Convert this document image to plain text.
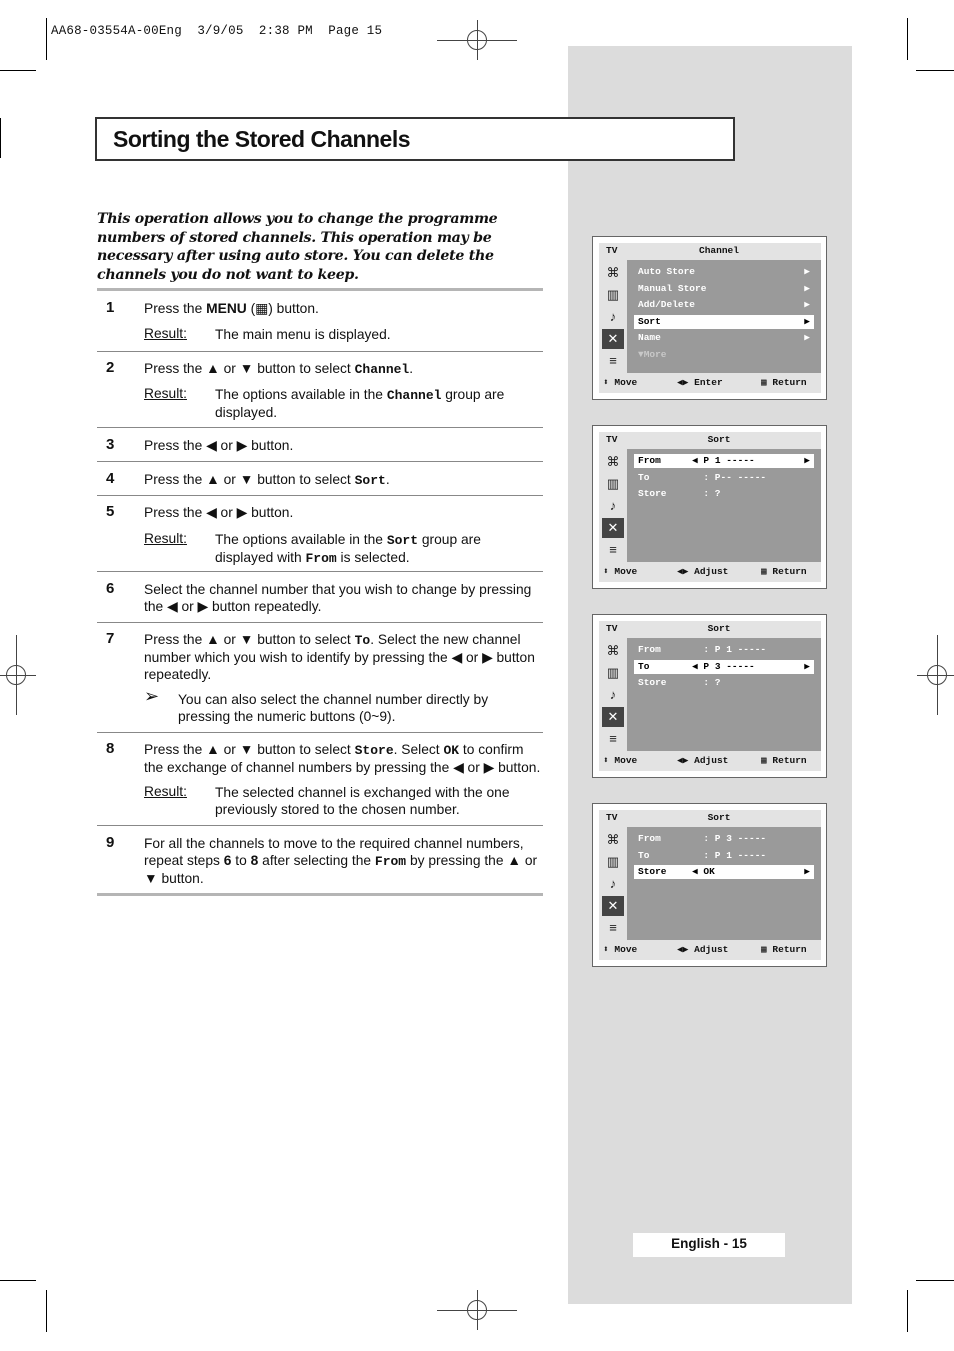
AA68-03554A-00Eng  3/9/05  2:38 PM  Page 15
Sorting the Stored Channels
This operation allows you to change the programme numbers of stored channels. This operation may be necessary after using auto store. You can delete the channels you do not want to keep.
1 Press the MENU (▦) button.
Result: The main menu is displayed.
2 Press the ▲ or ▼ button to select Channel.
Result: The options available in the Channel group are displayed.
3 Press the ◀ or ▶ button.
4 Press the ▲ or ▼ button to select Sort.
5 Press the ◀ or ▶ button.
Result: The options available in the Sort group are displayed with From is selected.
6 Select the channel number that you wish to change by pressing the ◀ or ▶ button repeatedly.
7 Press the ▲ or ▼ button to select To. Select the new channel number which you wish to identify by pressing the ◀ or ▶ button repeatedly.
➢ You can also select the channel number directly by pressing the numeric buttons (0~9).
8 Press the ▲ or ▼ button to select Store. Select OK to confirm the exchange of channel numbers by pressing the ◀ or ▶ button.
Result: The selected channel is exchanged with the one previously stored to the chosen number.
9 For all the channels to move to the required channel numbers, repeat steps 6 to 8 after selecting the From by pressing the ▲ or ▼ button.
TV	Channel
⌘
▥
♪
✕
≡
Auto Store	▶
Manual Store	▶
Add/Delete	▶
Sort	▶
Name	▶
▼More
⬍ Move	◀▶ Enter	▦ Return
TV	Sort
⌘
▥
♪
✕
≡
From	◀ P 1 -----	▶
To	: P-- -----
Store	: ?
⬍ Move	◀▶ Adjust	▦ Return
TV	Sort
⌘
▥
♪
✕
≡
From	: P 1 -----
To	◀ P 3 -----	▶
Store	: ?
⬍ Move	◀▶ Adjust	▦ Return
TV	Sort
⌘
▥
♪
✕
≡
From	: P 3 -----
To	: P 1 -----
Store	◀ OK	▶
⬍ Move	◀▶ Adjust	▦ Return
English - 15
